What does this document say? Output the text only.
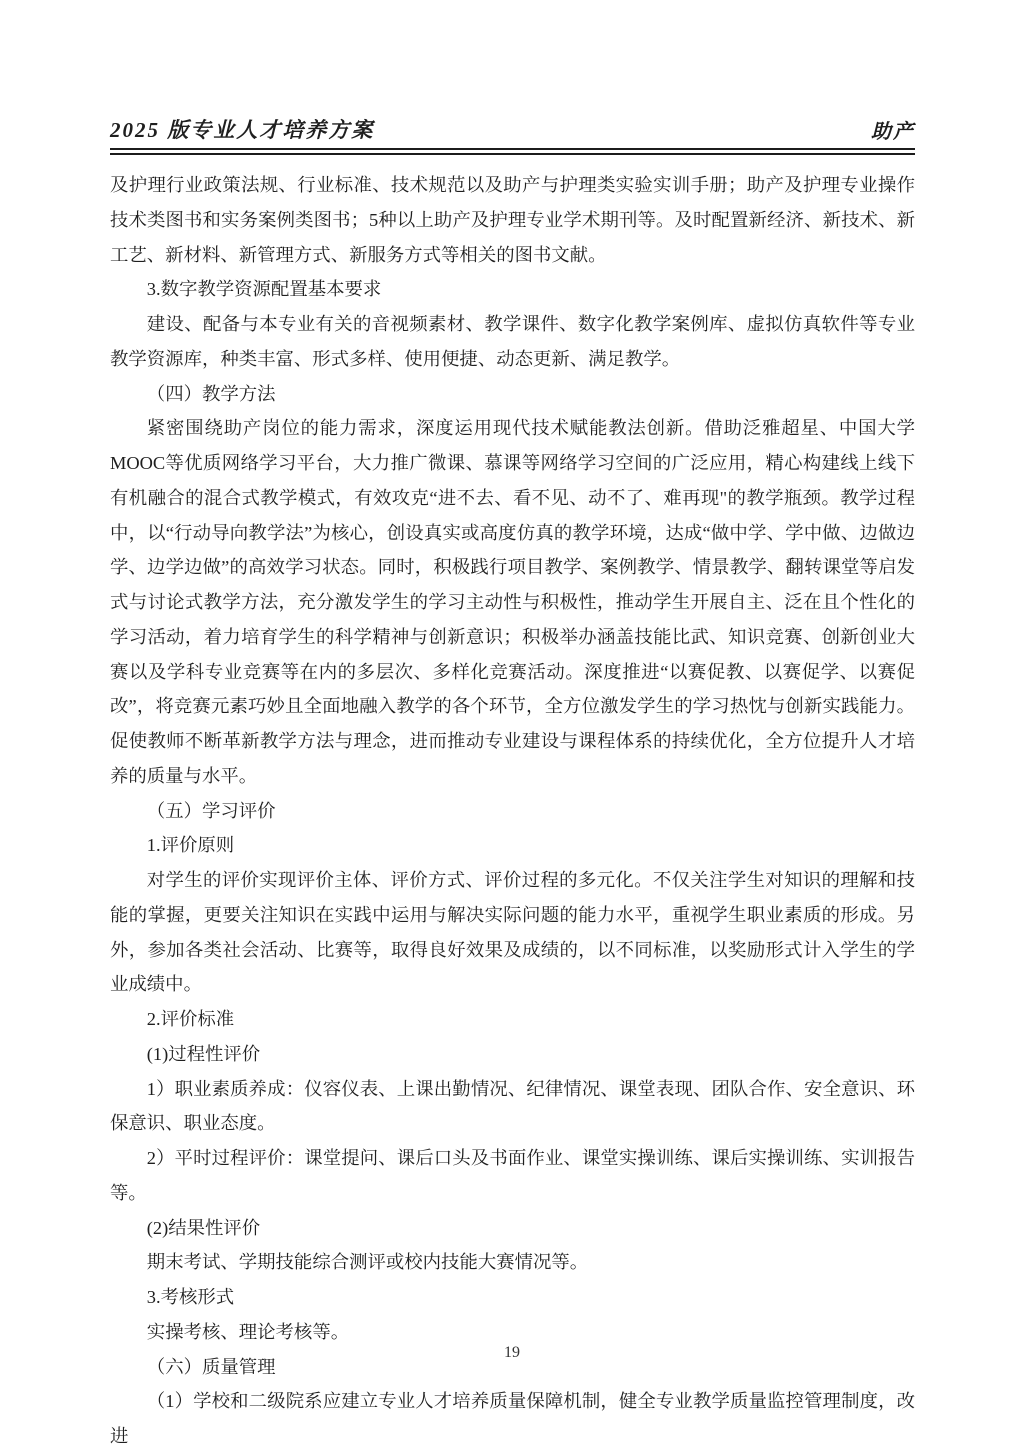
2025 版专业人才培养方案	助产

及护理行业政策法规、行业标准、技术规范以及助产与护理类实验实训手册；助产及护理专业操作技术类图书和实务案例类图书；5种以上助产及护理专业学术期刊等。及时配置新经济、新技术、新工艺、新材料、新管理方式、新服务方式等相关的图书文献。

3.数字教学资源配置基本要求

建设、配备与本专业有关的音视频素材、教学课件、数字化教学案例库、虚拟仿真软件等专业教学资源库，种类丰富、形式多样、使用便捷、动态更新、满足教学。

（四）教学方法

紧密围绕助产岗位的能力需求，深度运用现代技术赋能教法创新。借助泛雅超星、中国大学MOOC等优质网络学习平台，大力推广微课、慕课等网络学习空间的广泛应用，精心构建线上线下有机融合的混合式教学模式，有效攻克“进不去、看不见、动不了、难再现"的教学瓶颈。教学过程中，以“行动导向教学法”为核心，创设真实或高度仿真的教学环境，达成“做中学、学中做、边做边学、边学边做”的高效学习状态。同时，积极践行项目教学、案例教学、情景教学、翻转课堂等启发式与讨论式教学方法，充分激发学生的学习主动性与积极性，推动学生开展自主、泛在且个性化的学习活动，着力培育学生的科学精神与创新意识；积极举办涵盖技能比武、知识竞赛、创新创业大赛以及学科专业竞赛等在内的多层次、多样化竞赛活动。深度推进“以赛促教、以赛促学、以赛促改”，将竞赛元素巧妙且全面地融入教学的各个环节，全方位激发学生的学习热忱与创新实践能力。促使教师不断革新教学方法与理念，进而推动专业建设与课程体系的持续优化，全方位提升人才培养的质量与水平。

（五）学习评价

1.评价原则

对学生的评价实现评价主体、评价方式、评价过程的多元化。不仅关注学生对知识的理解和技能的掌握，更要关注知识在实践中运用与解决实际问题的能力水平，重视学生职业素质的形成。另外，参加各类社会活动、比赛等，取得良好效果及成绩的，以不同标准，以奖励形式计入学生的学业成绩中。

2.评价标准

(1)过程性评价

1）职业素质养成：仪容仪表、上课出勤情况、纪律情况、课堂表现、团队合作、安全意识、环保意识、职业态度。

2）平时过程评价：课堂提问、课后口头及书面作业、课堂实操训练、课后实操训练、实训报告等。

(2)结果性评价

期末考试、学期技能综合测评或校内技能大赛情况等。

3.考核形式

实操考核、理论考核等。

（六）质量管理

（1）学校和二级院系应建立专业人才培养质量保障机制，健全专业教学质量监控管理制度，改进

19
